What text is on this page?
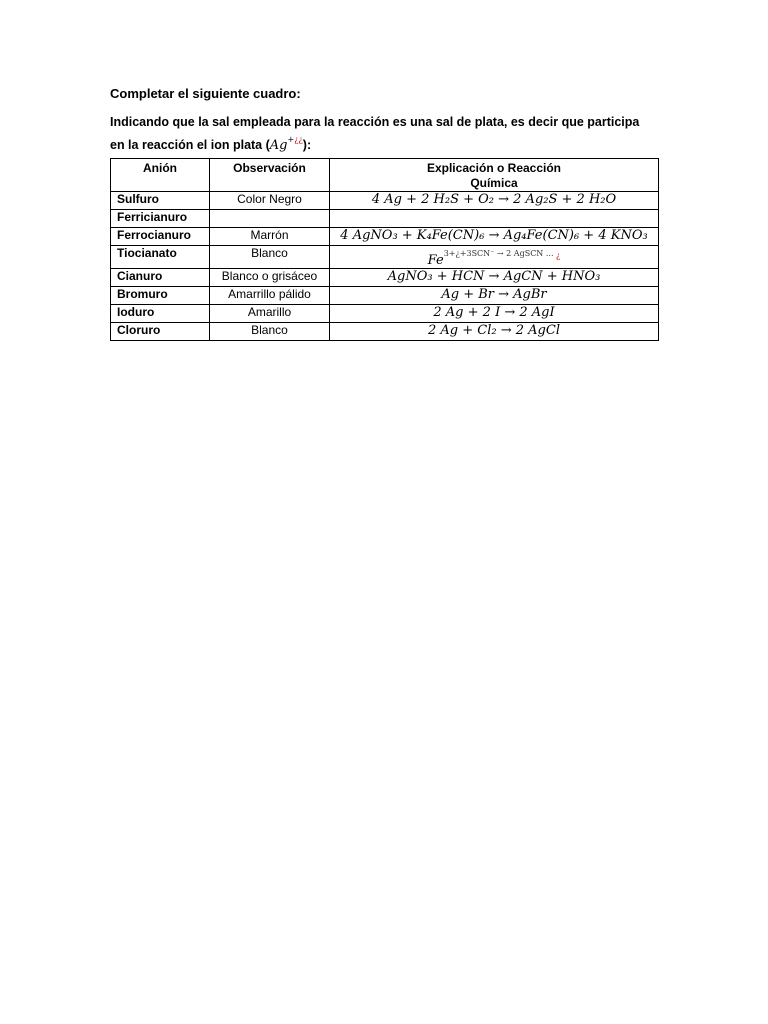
Completar el siguiente cuadro:
Indicando que la sal empleada para la reacción es una sal de plata, es decir que participa en la reacción el ion plata (Ag+¿¿):
Anión	Observación	Explicación o Reacción
Química

Sulfuro	Color Negro	4 Ag + 2 H₂S + O₂ → 2 Ag₂S + 2 H₂O
Ferricianuro		
Ferrocianuro	Marrón	4 AgNO₃ + K₄Fe(CN)₆ → Ag₄Fe(CN)₆ + 4 KNO₃
Tiocianato	Blanco	$Fe^{3+¿+3SCN^- \to 2 AgSCN ...}$ ¿
Cianuro	Blanco o grisáceo	AgNO₃ + HCN → AgCN + HNO₃
Bromuro	Amarrillo pálido	Ag + Br → AgBr
Ioduro	Amarillo	2 Ag + 2 I → 2 AgI
Cloruro	Blanco	2 Ag + Cl₂ → 2 AgCl
